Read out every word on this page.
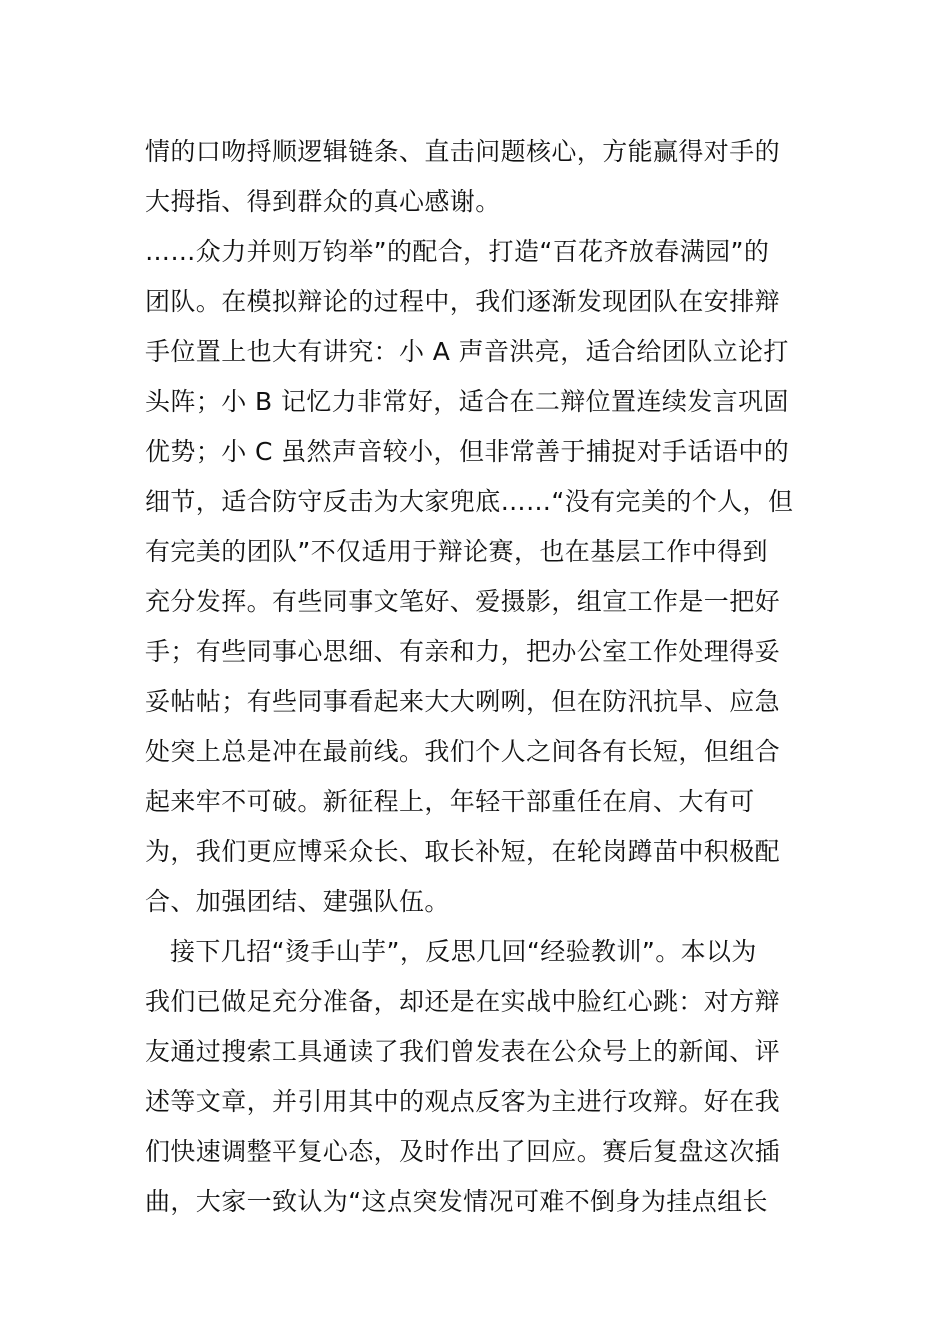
情的口吻捋顺逻辑链条、直击问题核心，方能赢得对手的
大拇指、得到群众的真心感谢。
……众力并则万钧举”的配合，打造“百花齐放春满园”的
团队。在模拟辩论的过程中，我们逐渐发现团队在安排辩
手位置上也大有讲究：小 A 声音洪亮，适合给团队立论打
头阵；小 B 记忆力非常好，适合在二辩位置连续发言巩固
优势；小 C 虽然声音较小，但非常善于捕捉对手话语中的
细节，适合防守反击为大家兜底……“没有完美的个人，但
有完美的团队”不仅适用于辩论赛，也在基层工作中得到
充分发挥。有些同事文笔好、爱摄影，组宣工作是一把好
手；有些同事心思细、有亲和力，把办公室工作处理得妥
妥帖帖；有些同事看起来大大咧咧，但在防汛抗旱、应急
处突上总是冲在最前线。我们个人之间各有长短，但组合
起来牢不可破。新征程上，年轻干部重任在肩、大有可
为，我们更应博采众长、取长补短，在轮岗蹲苗中积极配
合、加强团结、建强队伍。
接下几招“烫手山芋”，反思几回“经验教训”。本以为
我们已做足充分准备，却还是在实战中脸红心跳：对方辩
友通过搜索工具通读了我们曾发表在公众号上的新闻、评
述等文章，并引用其中的观点反客为主进行攻辩。好在我
们快速调整平复心态，及时作出了回应。赛后复盘这次插
曲，大家一致认为“这点突发情况可难不倒身为挂点组长
